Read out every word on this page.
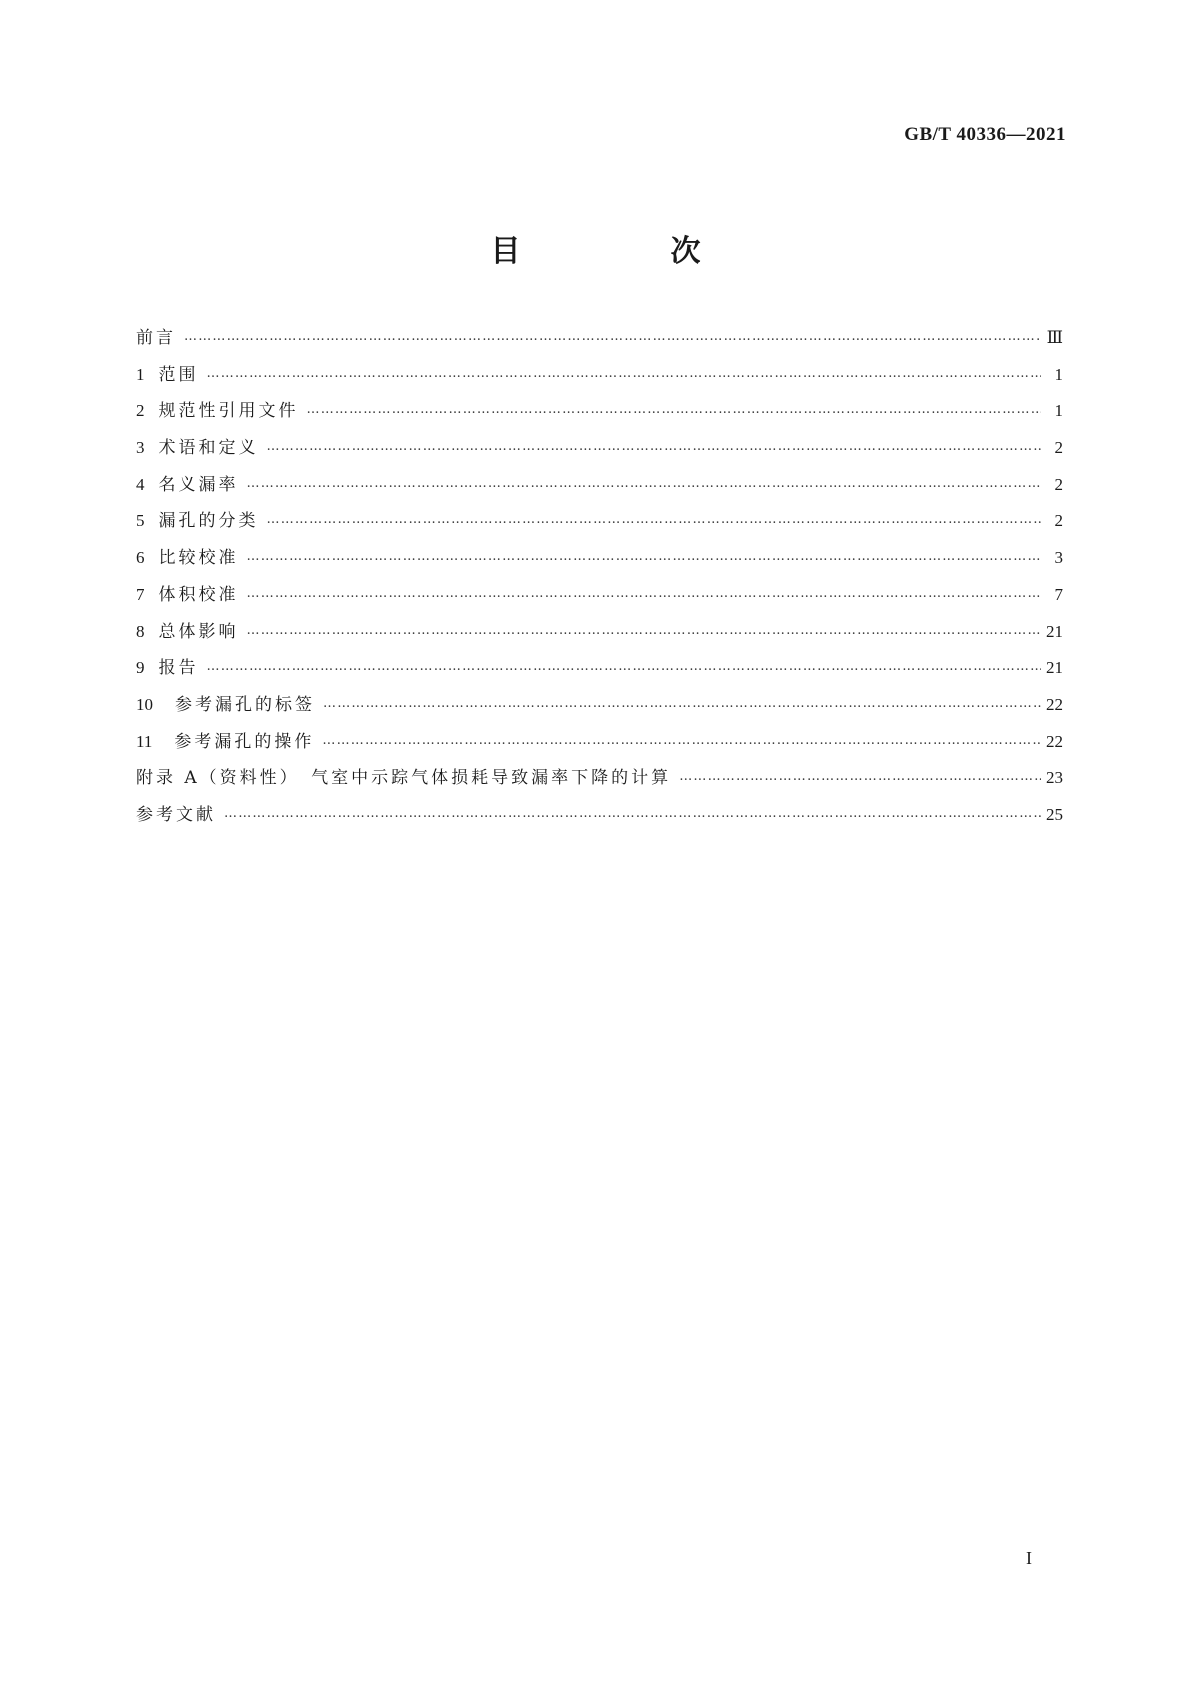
GB/T 40336—2021
目　次
前言 …………………………………………………………………………………………………………………………………………………………………………………………………………	Ⅲ
1 范围 …………………………………………………………………………………………………………………………………………………………………………………………………………	1
2 规范性引用文件 …………………………………………………………………………………………………………………………………………………………………………………………………………	1
3 术语和定义 …………………………………………………………………………………………………………………………………………………………………………………………………………	2
4 名义漏率 …………………………………………………………………………………………………………………………………………………………………………………………………………	2
5 漏孔的分类 …………………………………………………………………………………………………………………………………………………………………………………………………………	2
6 比较校准 …………………………………………………………………………………………………………………………………………………………………………………………………………	3
7 体积校准 …………………………………………………………………………………………………………………………………………………………………………………………………………	7
8 总体影响 …………………………………………………………………………………………………………………………………………………………………………………………………………	21
9 报告 …………………………………………………………………………………………………………………………………………………………………………………………………………	21
10 参考漏孔的标签 …………………………………………………………………………………………………………………………………………………………………………………………………………	22
11 参考漏孔的操作 …………………………………………………………………………………………………………………………………………………………………………………………………………	22
附录 A（资料性）　气室中示踪气体损耗导致漏率下降的计算 …………………………………………………………………………………………………………………………………………………………………………………………………………	23
参考文献 …………………………………………………………………………………………………………………………………………………………………………………………………………	25
I
